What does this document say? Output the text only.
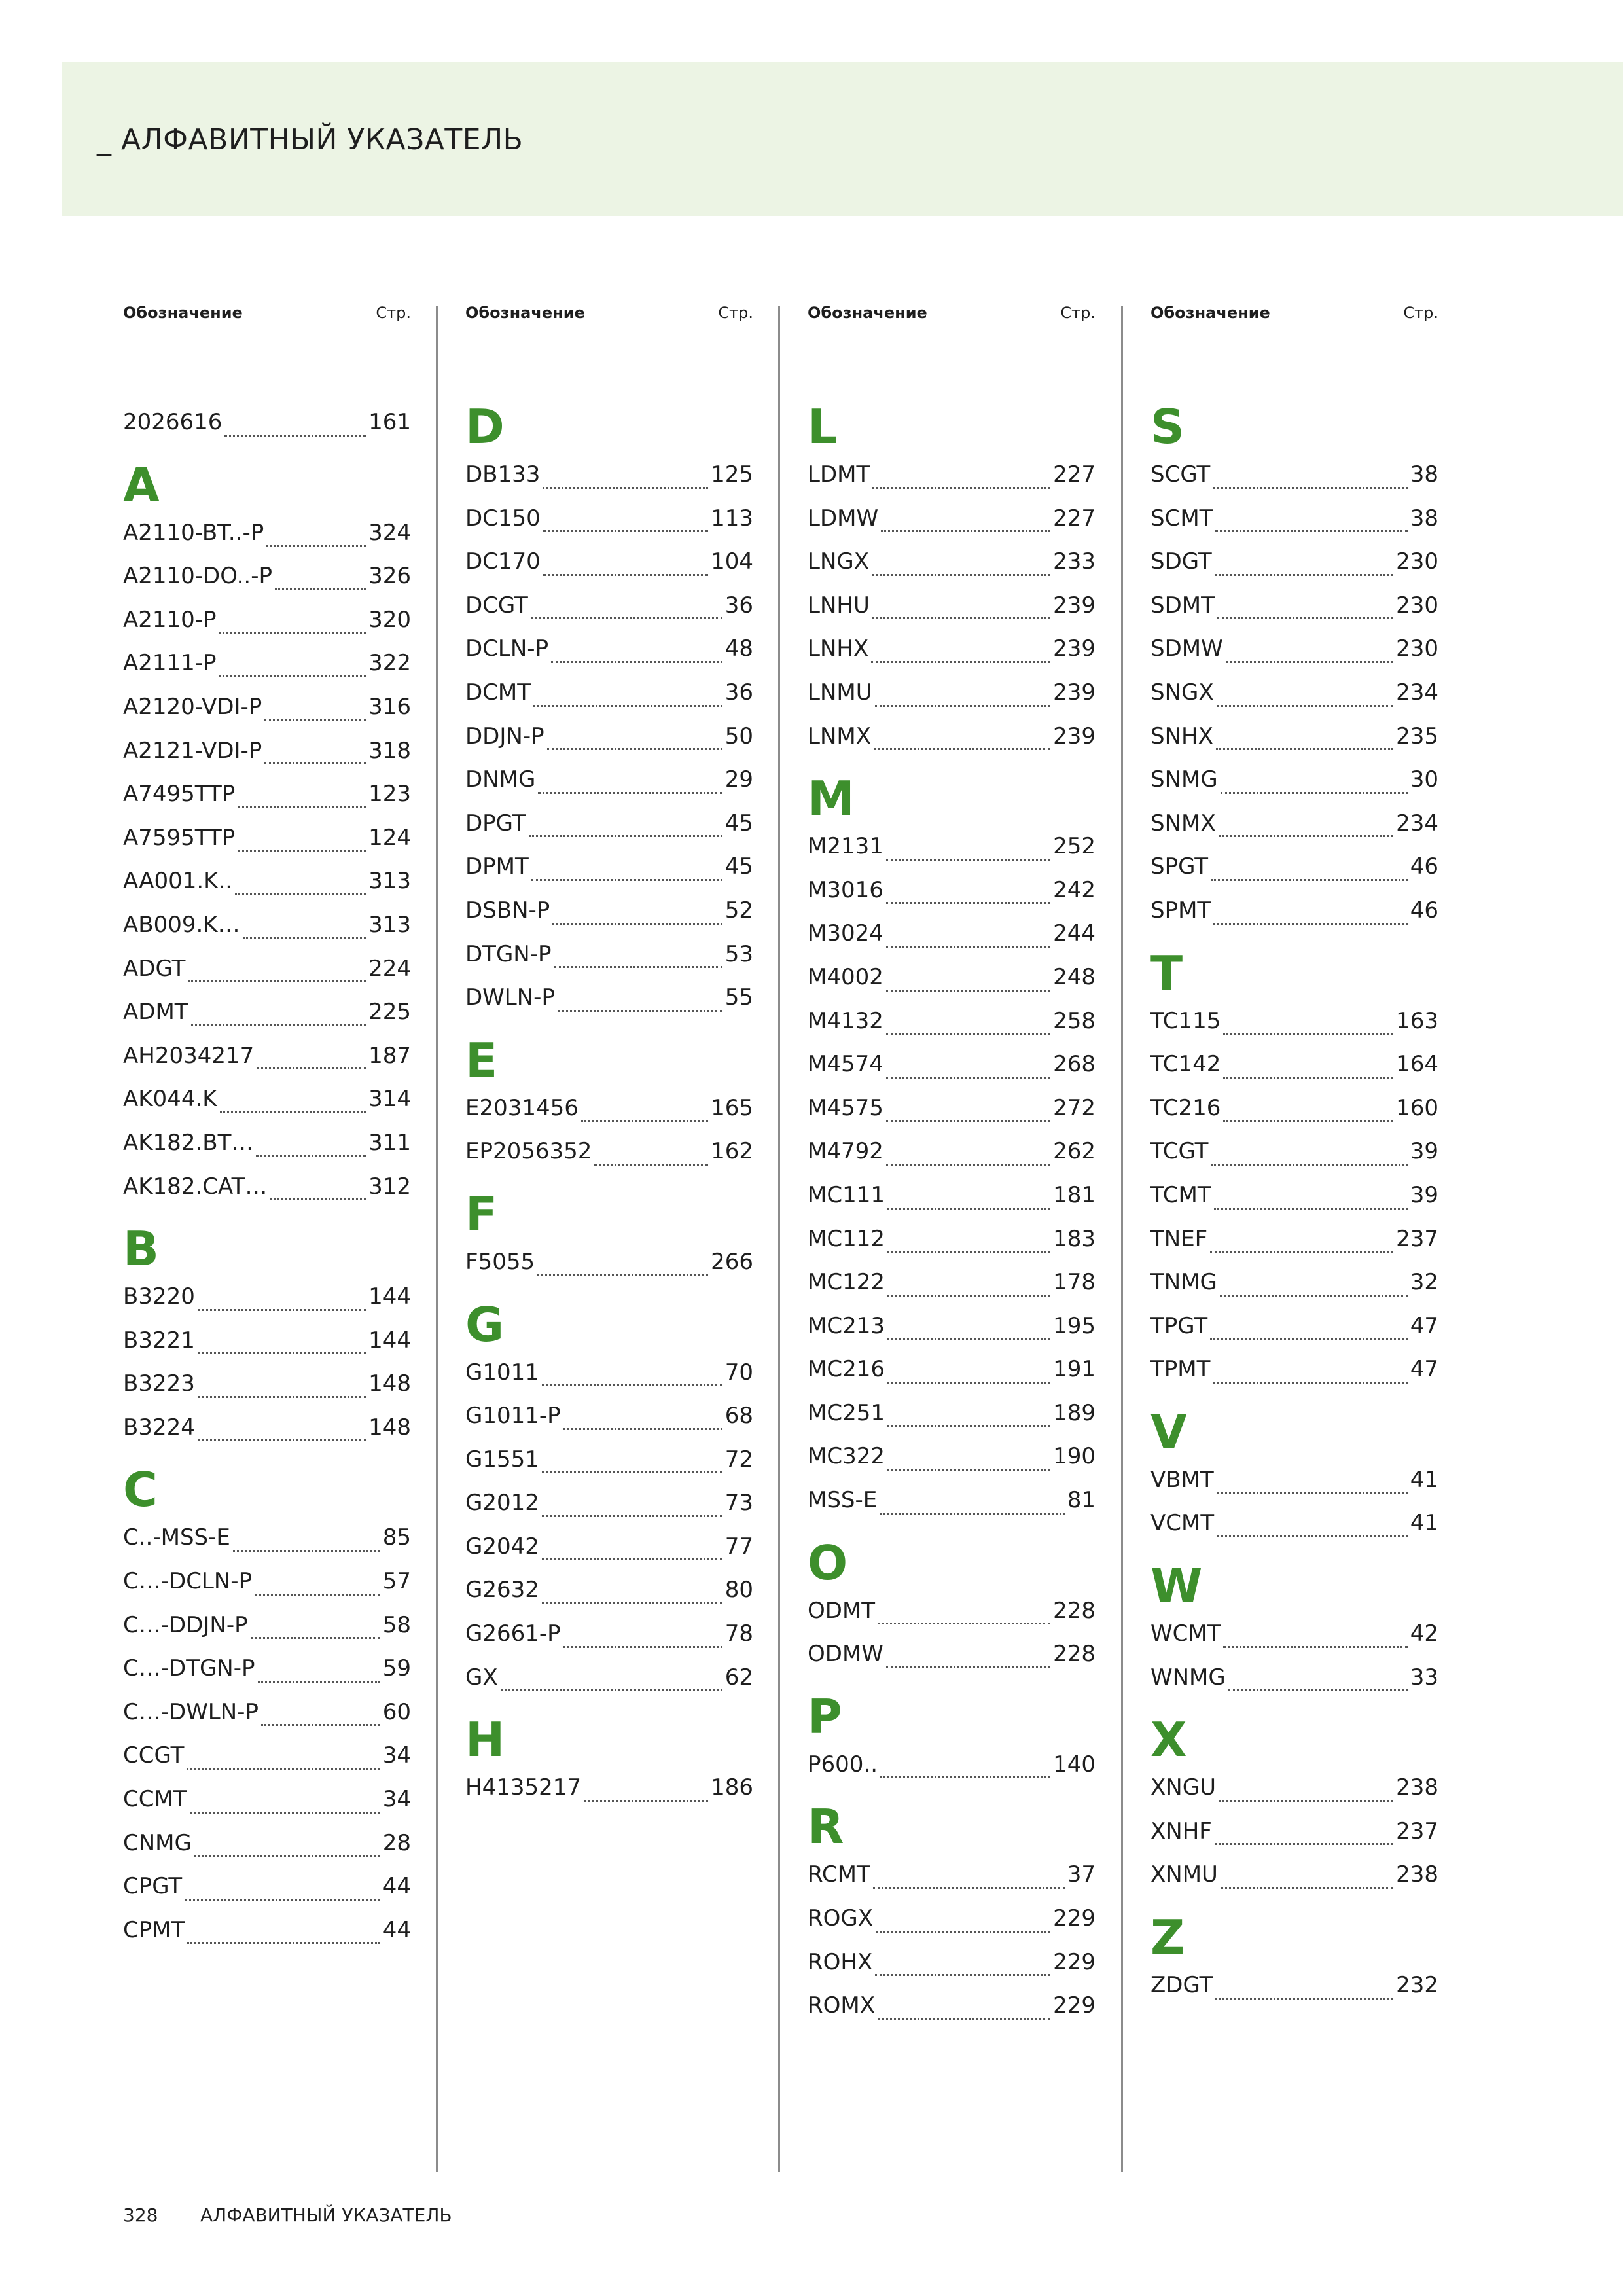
_ АЛФАВИТНЫЙ УКАЗАТЕЛЬ
Обозначение	Стр.
2026616	161
A
A2110-BT..-P	324
A2110-DO..-P	326
A2110-P	320
A2111-P	322
A2120-VDI-P	316
A2121-VDI-P	318
A7495TTP	123
A7595TTP	124
AA001.K..	313
AB009.K…	313
ADGT	224
ADMT	225
AH2034217	187
AK044.K	314
AK182.BT…	311
AK182.CAT…	312
B
B3220	144
B3221	144
B3223	148
B3224	148
C
C..-MSS-E	85
C…-DCLN-P	57
C…-DDJN-P	58
C…-DTGN-P	59
C…-DWLN-P	60
CCGT	34
CCMT	34
CNMG	28
CPGT	44
CPMT	44
Обозначение	Стр.
D
DB133	125
DC150	113
DC170	104
DCGT	36
DCLN-P	48
DCMT	36
DDJN-P	50
DNMG	29
DPGT	45
DPMT	45
DSBN-P	52
DTGN-P	53
DWLN-P	55
E
E2031456	165
EP2056352	162
F
F5055	266
G
G1011	70
G1011-P	68
G1551	72
G2012	73
G2042	77
G2632	80
G2661-P	78
GX	62
H
H4135217	186
Обозначение	Стр.
L
LDMT	227
LDMW	227
LNGX	233
LNHU	239
LNHX	239
LNMU	239
LNMX	239
M
M2131	252
M3016	242
M3024	244
M4002	248
M4132	258
M4574	268
M4575	272
M4792	262
MC111	181
MC112	183
MC122	178
MC213	195
MC216	191
MC251	189
MC322	190
MSS-E	81
O
ODMT	228
ODMW	228
P
P600..	140
R
RCMT	37
ROGX	229
ROHX	229
ROMX	229
Обозначение	Стр.
S
SCGT	38
SCMT	38
SDGT	230
SDMT	230
SDMW	230
SNGX	234
SNHX	235
SNMG	30
SNMX	234
SPGT	46
SPMT	46
T
TC115	163
TC142	164
TC216	160
TCGT	39
TCMT	39
TNEF	237
TNMG	32
TPGT	47
TPMT	47
V
VBMT	41
VCMT	41
W
WCMT	42
WNMG	33
X
XNGU	238
XNHF	237
XNMU	238
Z
ZDGT	232
328 АЛФАВИТНЫЙ УКАЗАТЕЛЬ
